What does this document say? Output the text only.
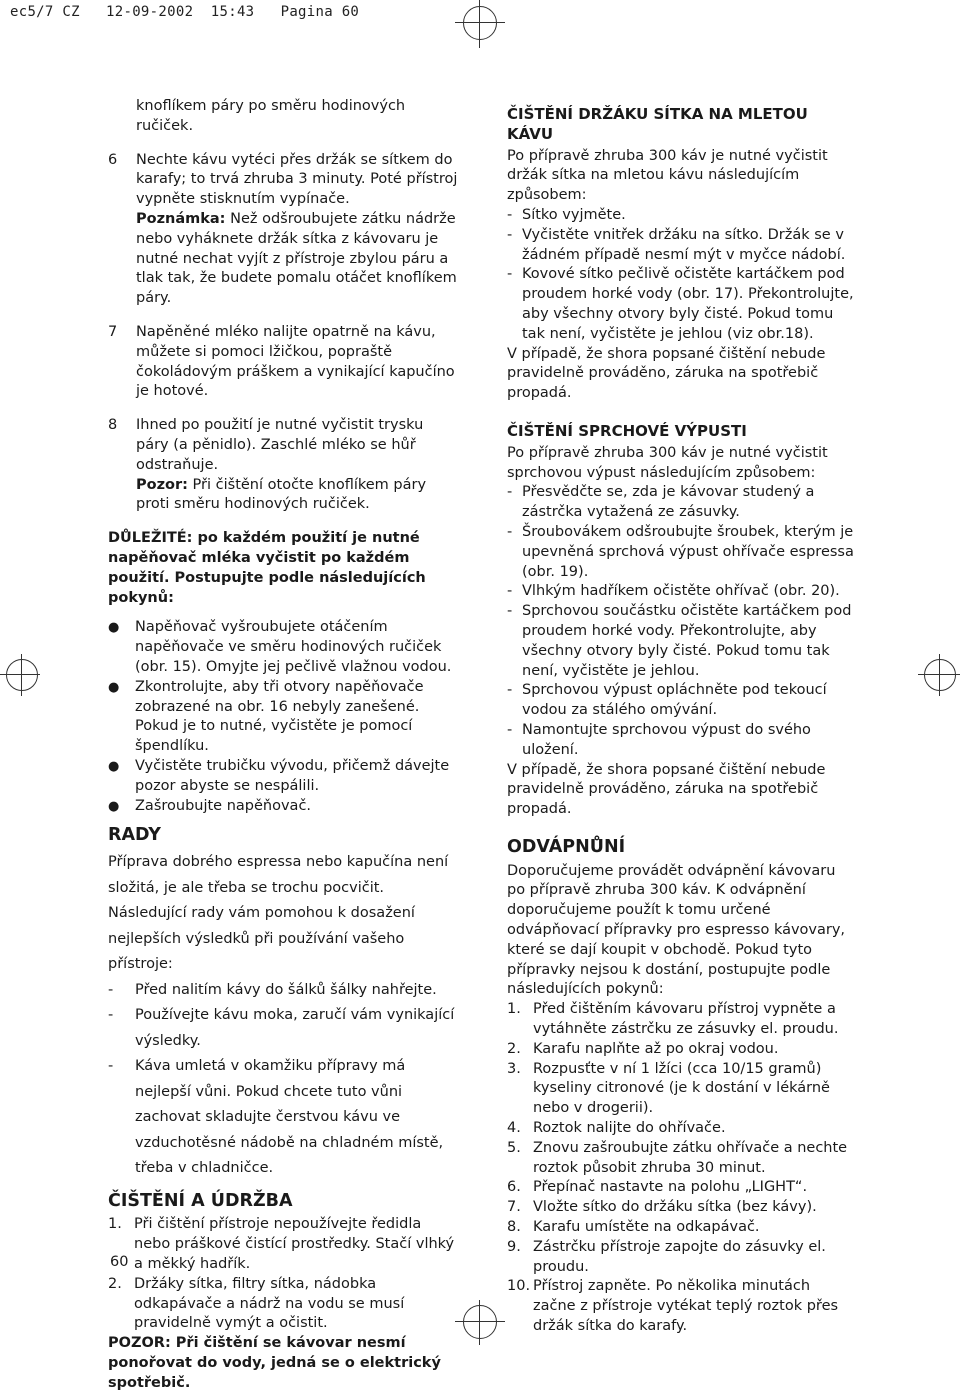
ec5/7 CZ   12-09-2002  15:43   Pagina 60

knoflíkem páry po směru hodinových ručiček.

6	Nechte kávu vytéci přes držák se sítkem do karafy; to trvá zhruba 3 minuty. Poté přístroj vypněte stisknutím vypínače.

Poznámka: Než odšroubujete zátku nádrže nebo vyháknete držák sítka z kávovaru je nutné nechat vyjít z přístroje zbylou páru a tlak tak, že budete pomalu otáčet knoflíkem páry.

7	Napěněné mléko nalijte opatrně na kávu, můžete si pomoci lžičkou, popraště čokoládovým práškem a vynikající kapučíno je hotové.
8	Ihned po použití je nutné vyčistit trysku páry (a pěnidlo). Zaschlé mléko se hůř odstraňuje.

Pozor: Při čištění otočte knoflíkem páry proti směru hodinových ručiček.

DŮLEŽITÉ: po každém použití je nutné napěňovač mléka vyčistit po každém použití. Postupujte podle následujících pokynů:

●	Napěňovač vyšroubujete otáčením napěňovače ve směru hodinových ručiček (obr. 15). Omyjte jej pečlivě vlažnou vodou.
●	Zkontrolujte, aby tři otvory napěňovače zobrazené na obr. 16 nebyly zanešené. Pokud je to nutné, vyčistěte je pomocí špendlíku.
●	Vyčistěte trubičku vývodu, přičemž dávejte pozor abyste se nespálili.
●	Zašroubujte napěňovač.

RADY

Příprava dobrého espressa nebo kapučína není složitá, je ale třeba se trochu pocvičit. Následující rady vám pomohou k dosažení nejlepších výsledků při používání vašeho přístroje:

-	Před nalitím kávy do šálků šálky nahřejte.
-	Používejte kávu moka, zaručí vám vynikající výsledky.
-	Káva umletá v okamžiku přípravy má nejlepší vůni. Pokud chcete tuto vůni zachovat skladujte čerstvou kávu ve vzduchotěsné nádobě na chladném místě, třeba v chladničce.

ČIŠTĚNÍ A ÚDRŽBA

1. Při čištění přístroje nepoužívejte ředidla nebo práškové čistící prostředky. Stačí vlhký a měkký hadřík.
2. Držáky sítka, filtry sítka, nádobka odkapávače a nádrž na vodu se musí pravidelně vymýt a očistit.

POZOR: Při čištění se kávovar nesmí ponořovat do vody, jedná se o elektrický spotřebič.

ČIŠTĚNÍ DRŽÁKU SÍTKA NA MLETOU KÁVU

Po přípravě zhruba 300 káv je nutné vyčistit držák sítka na mletou kávu následujícím způsobem:

- Sítko vyjměte.
- Vyčistěte vnitřek držáku na sítko. Držák se v žádném případě nesmí mýt v myčce nádobí.
- Kovové sítko pečlivě očistěte kartáčkem pod proudem horké vody (obr. 17). Překontrolujte, aby všechny otvory byly čisté. Pokud tomu tak není, vyčistěte je jehlou (viz obr.18).

V případě, že shora popsané čištění nebude pravidelně prováděno, záruka na spotřebič propadá.

ČIŠTĚNÍ SPRCHOVÉ VÝPUSTI

Po přípravě zhruba 300 káv je nutné vyčistit sprchovou výpust následujícím způsobem:

- Přesvědčte se, zda je kávovar studený a zástrčka vytažená ze zásuvky.
- Šroubovákem odšroubujte šroubek, kterým je upevněná sprchová výpust ohřívače espressa (obr. 19).
- Vlhkým hadříkem očistěte ohřívač (obr. 20).
- Sprchovou součástku očistěte kartáčkem pod proudem horké vody. Překontrolujte, aby všechny otvory byly čisté. Pokud tomu tak není, vyčistěte je jehlou.
- Sprchovou výpust opláchněte pod tekoucí vodou za stálého omývání.
- Namontujte sprchovou výpust do svého uložení.

V případě, že shora popsané čištění nebude pravidelně prováděno, záruka na spotřebič propadá.

ODVÁPNŮNÍ

Doporučujeme provádět odvápnění kávovaru po přípravě zhruba 300 káv. K odvápnění doporučujeme použít k tomu určené odvápňovací přípravky pro espresso kávovary, které se dají koupit v obchodě. Pokud tyto přípravky nejsou k dostání, postupujte podle následujících pokynů:

1. Před čištěním kávovaru přístroj vypněte a vytáhněte zástrčku ze zásuvky el. proudu.
2. Karafu naplňte až po okraj vodou.
3. Rozpusťte v ní 1 lžíci (cca 10/15 gramů) kyseliny citronové (je k dostání v lékárně nebo v drogerii).
4. Roztok nalijte do ohřívače.
5. Znovu zašroubujte zátku ohřívače a nechte roztok působit zhruba 30 minut.
6. Přepínač nastavte na polohu „LIGHT“.
7. Vložte sítko do držáku sítka (bez kávy).
8. Karafu umístěte na odkapávač.
9. Zástrčku přístroje zapojte do zásuvky el. proudu.
10. Přístroj zapněte. Po několika minutách začne z přístroje vytékat teplý roztok přes držák sítka do karafy.
60
